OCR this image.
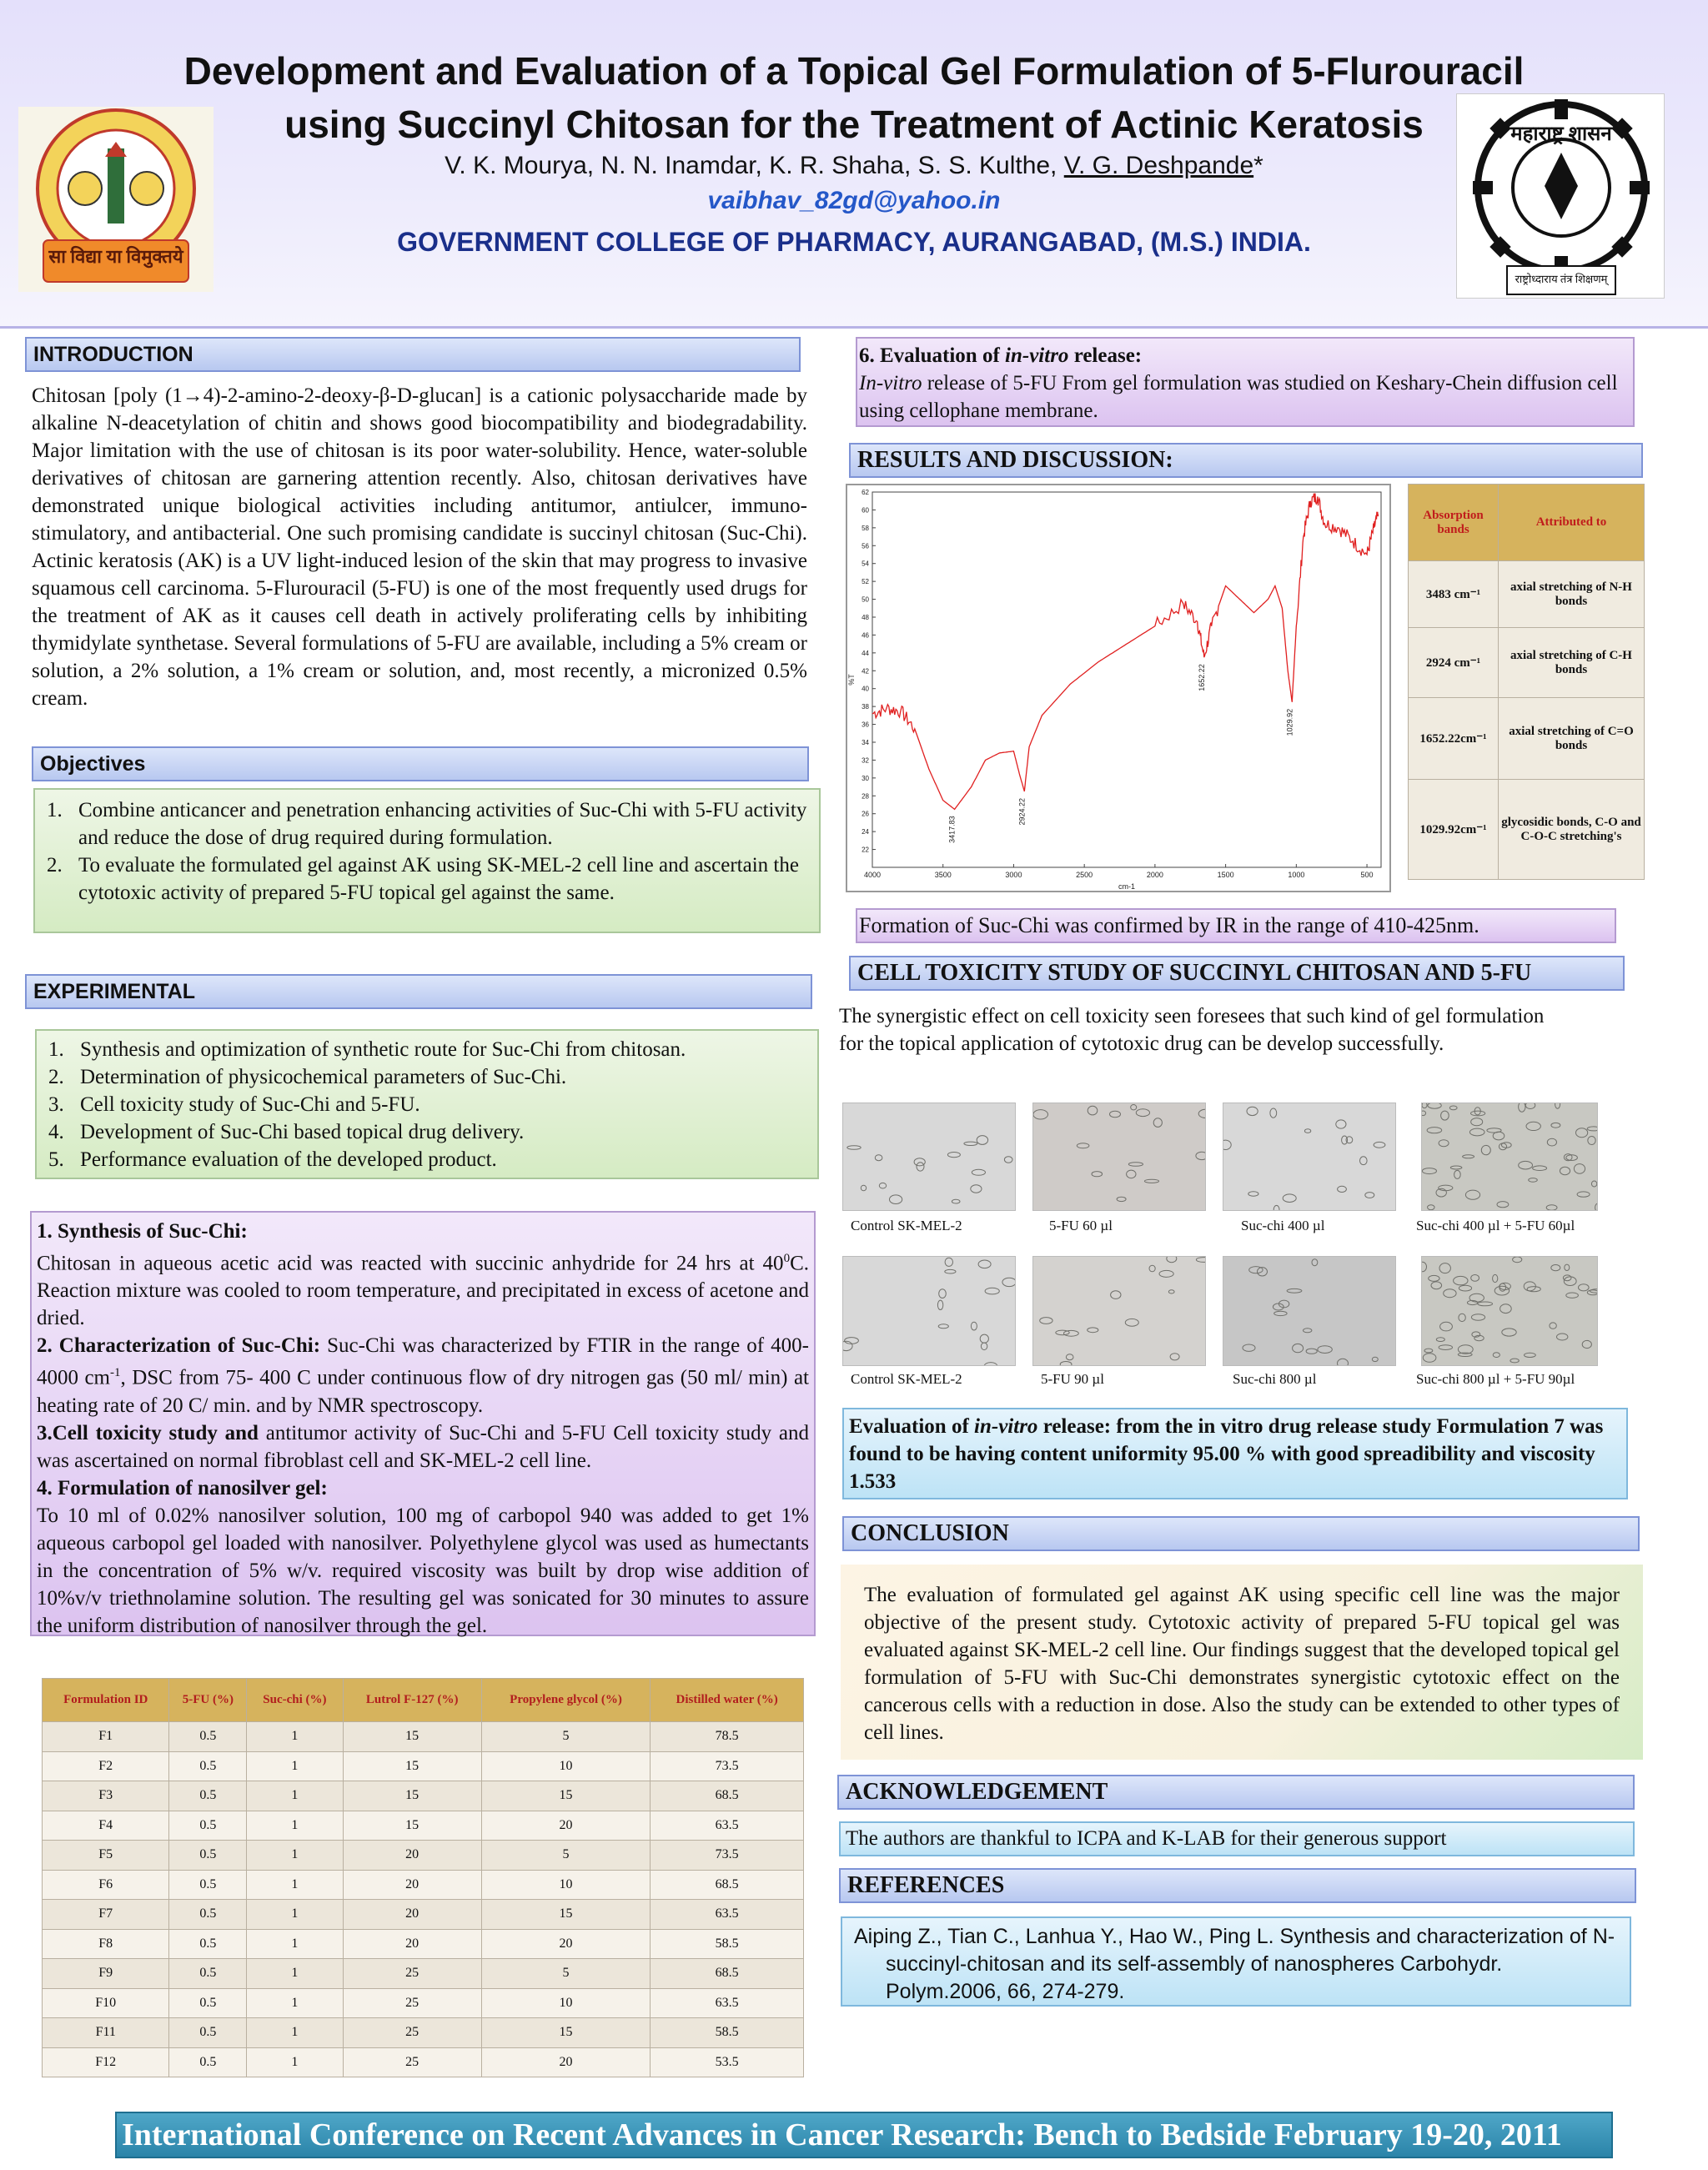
Development and Evaluation of a Topical Gel Formulation of 5-Flurouracil
using Succinyl Chitosan for the Treatment of Actinic Keratosis
V. K. Mourya, N. N. Inamdar, K. R. Shaha, S. S. Kulthe, V. G. Deshpande*
vaibhav_82gd@yahoo.in
GOVERNMENT COLLEGE OF PHARMACY, AURANGABAD, (M.S.) INDIA.
सा विद्या या विमुक्तये
महाराष्ट्र शासन
राष्ट्रोध्दाराय तंत्र शिक्षणम्
INTRODUCTION
Chitosan [poly (1→4)-2-amino-2-deoxy-β-D-glucan] is a cationic polysaccharide made by alkaline N-deacetylation of chitin and shows good biocompatibility and biodegradability. Major limitation with the use of chitosan is its poor water-solubility. Hence, water-soluble derivatives of chitosan are garnering attention recently. Also, chitosan derivatives have demonstrated unique biological activities including antitumor, antiulcer, immuno-stimulatory, and antibacterial. One such promising candidate is succinyl chitosan (Suc-Chi). Actinic keratosis (AK) is a UV light-induced lesion of the skin that may progress to invasive squamous cell carcinoma. 5-Flurouracil (5-FU) is one of the most frequently used drugs for the treatment of AK as it causes cell death in actively proliferating cells by inhibiting thymidylate synthetase. Several formulations of 5-FU are available, including a 5% cream or solution, a 2% solution, a 1% cream or solution, and, most recently, a micronized 0.5% cream.
Objectives
1. Combine anticancer and penetration enhancing activities of Suc-Chi with 5-FU activity and reduce the dose of drug required during formulation.
2. To evaluate the formulated gel against AK using SK-MEL-2 cell line and ascertain the cytotoxic activity of prepared 5-FU topical gel against the same.
EXPERIMENTAL
1. Synthesis and optimization of synthetic route for Suc-Chi from chitosan.
2. Determination of physicochemical parameters of Suc-Chi.
3. Cell toxicity study of Suc-Chi and 5-FU.
4. Development of Suc-Chi based topical drug delivery.
5. Performance evaluation of the developed product.
1. Synthesis of Suc-Chi:
Chitosan in aqueous acetic acid was reacted with succinic anhydride for 24 hrs at $40^0C$. Reaction mixture was cooled to room temperature, and precipitated in excess of acetone and dried.
2. Characterization of Suc-Chi: Suc-Chi was characterized by FTIR in the range of 400-4000 $cm^{-1}$, DSC from 75- 400 C under continuous flow of dry nitrogen gas (50 ml/ min) at heating rate of 20 C/ min. and by NMR spectroscopy.
3.Cell toxicity study and antitumor activity of Suc-Chi and 5-FU Cell toxicity study and was ascertained on normal fibroblast cell and SK-MEL-2 cell line.
4. Formulation of nanosilver gel:
To 10 ml of 0.02% nanosilver solution, 100 mg of carbopol 940 was added to get 1% aqueous carbopol gel loaded with nanosilver. Polyethylene glycol was used as humectants in the concentration of 5% w/v. required viscosity was built by drop wise addition of 10%v/v triethnolamine solution. The resulting gel was sonicated for 30 minutes to assure the uniform distribution of nanosilver through the gel.
Formulation ID	5-FU (%)	Suc-chi (%)	Lutrol F-127 (%)	Propylene glycol (%)	Distilled water (%)
F1	0.5	1	15	5	78.5
F2	0.5	1	15	10	73.5
F3	0.5	1	15	15	68.5
F4	0.5	1	15	20	63.5
F5	0.5	1	20	5	73.5
F6	0.5	1	20	10	68.5
F7	0.5	1	20	15	63.5
F8	0.5	1	20	20	58.5
F9	0.5	1	25	5	68.5
F10	0.5	1	25	10	63.5
F11	0.5	1	25	15	58.5
F12	0.5	1	25	20	53.5
6. Evaluation of in-vitro release:
In-vitro release of 5-FU From gel formulation was studied on Keshary-Chein diffusion cell using cellophane membrane.
RESULTS AND DISCUSSION:
22
24
26
28
30
32
34
36
38
40
42
44
46
48
50
52
54
56
58
60
62
4000	3500	3000	2500	2000	1500	1000	500
cm-1
%T
3417.83
2924.22
1652.22
1029.92
Absorption bands	Attributed to
3483 cm⁻¹	axial stretching of N-H bonds
2924 cm⁻¹	axial stretching of C-H bonds
1652.22cm⁻¹	axial stretching of C=O bonds
1029.92cm⁻¹	glycosidic bonds, C-O and C-O-C stretching's
Formation of Suc-Chi was confirmed by IR in the range of 410-425nm.
CELL TOXICITY STUDY OF SUCCINYL CHITOSAN AND 5-FU
The synergistic effect on cell toxicity seen foresees that such kind of gel formulation for the topical application of cytotoxic drug can be develop successfully.
Control SK-MEL-2	5-FU 60 µl	Suc-chi 400 µl	Suc-chi 400 µl + 5-FU 60µl
Control SK-MEL-2	5-FU 90 µl	Suc-chi 800 µl	Suc-chi 800 µl + 5-FU 90µl
Evaluation of in-vitro release: from the in vitro drug release study Formulation 7 was found to be having content uniformity 95.00 % with good spreadibility and viscosity 1.533
CONCLUSION
The evaluation of formulated gel against AK using specific cell line was the major objective of the present study. Cytotoxic activity of prepared 5-FU topical gel was evaluated against SK-MEL-2 cell line. Our findings suggest that the developed topical gel formulation of 5-FU with Suc-Chi demonstrates synergistic cytotoxic effect on the cancerous cells with a reduction in dose. Also the study can be extended to other types of cell lines.
ACKNOWLEDGEMENT
The authors are thankful to ICPA and K-LAB for their generous support
REFERENCES
Aiping Z., Tian C., Lanhua Y., Hao W., Ping L. Synthesis and characterization of N-succinyl-chitosan and its self-assembly of nanospheres Carbohydr. Polym.2006, 66, 274-279.
International Conference on Recent Advances in Cancer Research: Bench to Bedside February 19-20, 2011
